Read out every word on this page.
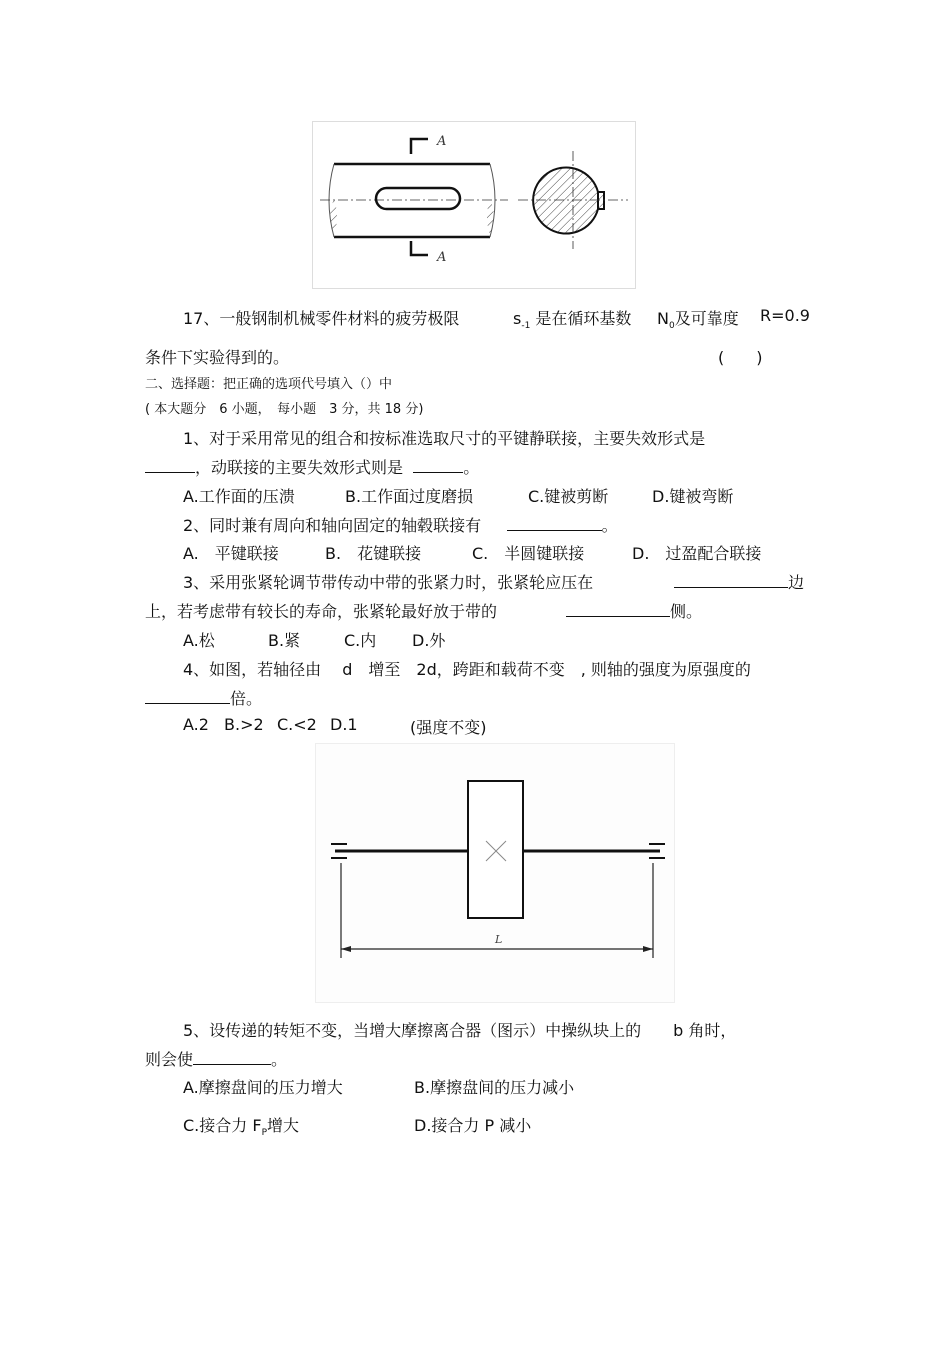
A
A
17、一般钢制机械零件材料的疲劳极限	$s_{-1}$ 是在循环基数 $N_0$及可靠度 R=0.9
条件下实验得到的。	(　　)
二、选择题：把正确的选项代号填入（）中
( 本大题分　6 小题，　每小题　3 分，共 18 分)
1、对于采用常见的组合和按标准选取尺寸的平键静联接，主要失效形式是
，动联接的主要失效形式则是	。
A.工作面的压溃	B.工作面过度磨损	C.键被剪断	D.键被弯断
2、同时兼有周向和轴向固定的轴毂联接有	。
A.　平键联接	B.　花键联接	C.　半圆键联接	D.　过盈配合联接
3、采用张紧轮调节带传动中带的张紧力时，张紧轮应压在	边
上，若考虑带有较长的寿命，张紧轮最好放于带的	侧。
A.松	B.紧	C.内 D.外
4、如图，若轴径由　 d　增至　2d，跨距和载荷不变　, 则轴的强度为原强度的
倍。
A.2 B.>2 C.<2 D.1	(强度不变)
L
5、设传递的转矩不变，当增大摩擦离合器（图示）中操纵块上的　　b 角时，
则会使	。
A.摩擦盘间的压力增大	B.摩擦盘间的压力减小
C.接合力 $F_P$增大	D.接合力 P 减小
